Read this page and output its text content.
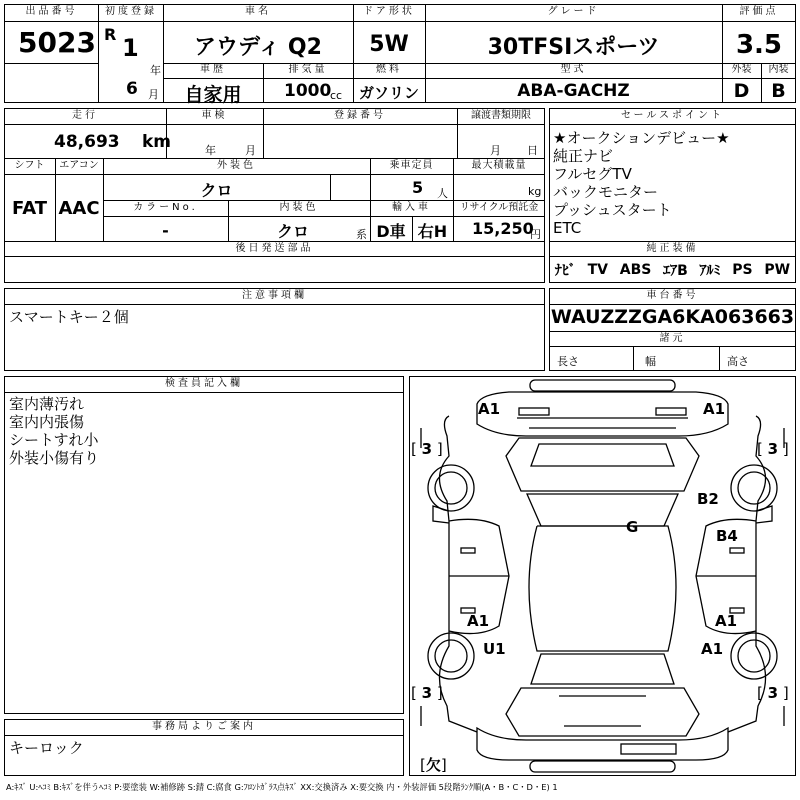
出品番号
5023
初度登録
R 1
年
6 月
車名
アウディ Q2
車歴
自家用
排気量
1000
cc
ドア形状
5W
燃料
ガソリン
グレード
30TFSIスポーツ
型式
ABA-GACHZ
評価点
3.5
外装	内装
D	B
走行
48,693 km
車検
年	月
登録番号	譲渡書類期限
月 日
シフト
FAT
エアコン
AAC
外装色
クロ
乗車定員
5 人
最大積載量
kg
カラーNo.
-
内装色
クロ	系
輸入車
D車 右H
リサイクル預託金
15,250
円
後日発送部品
セールスポイント
★オークションデビュー★
純正ナビ
フルセグTV
バックモニター
プッシュスタート
ETC
純正装備
ﾅﾋﾞ TV ABS ｴｱB ｱﾙﾐ PS PW
注意事項欄
スマートキー２個
車台番号
WAUZZZGA6KA063663
諸元
長さ	幅	高さ
検査員記入欄
室内薄汚れ
室内内張傷
シートすれ小
外装小傷有り
事務局よりご案内
キーロック
A1	A1
B2
B4
G
A1	A1
U1	A1
[ 3 ]	[ 3 ]
[ 3 ]	[ 3 ]
[欠]
A:ｷｽﾞ U:ﾍｺﾐ B:ｷｽﾞを伴うﾍｺﾐ P:要塗装 W:補修跡 S:錆 C:腐食 G:ﾌﾛﾝﾄｶﾞﾗｽ点ｷｽﾞ XX:交換済み X:要交換 内・外装評価 5段階ﾗﾝｸ順(A・B・C・D・E) 1
